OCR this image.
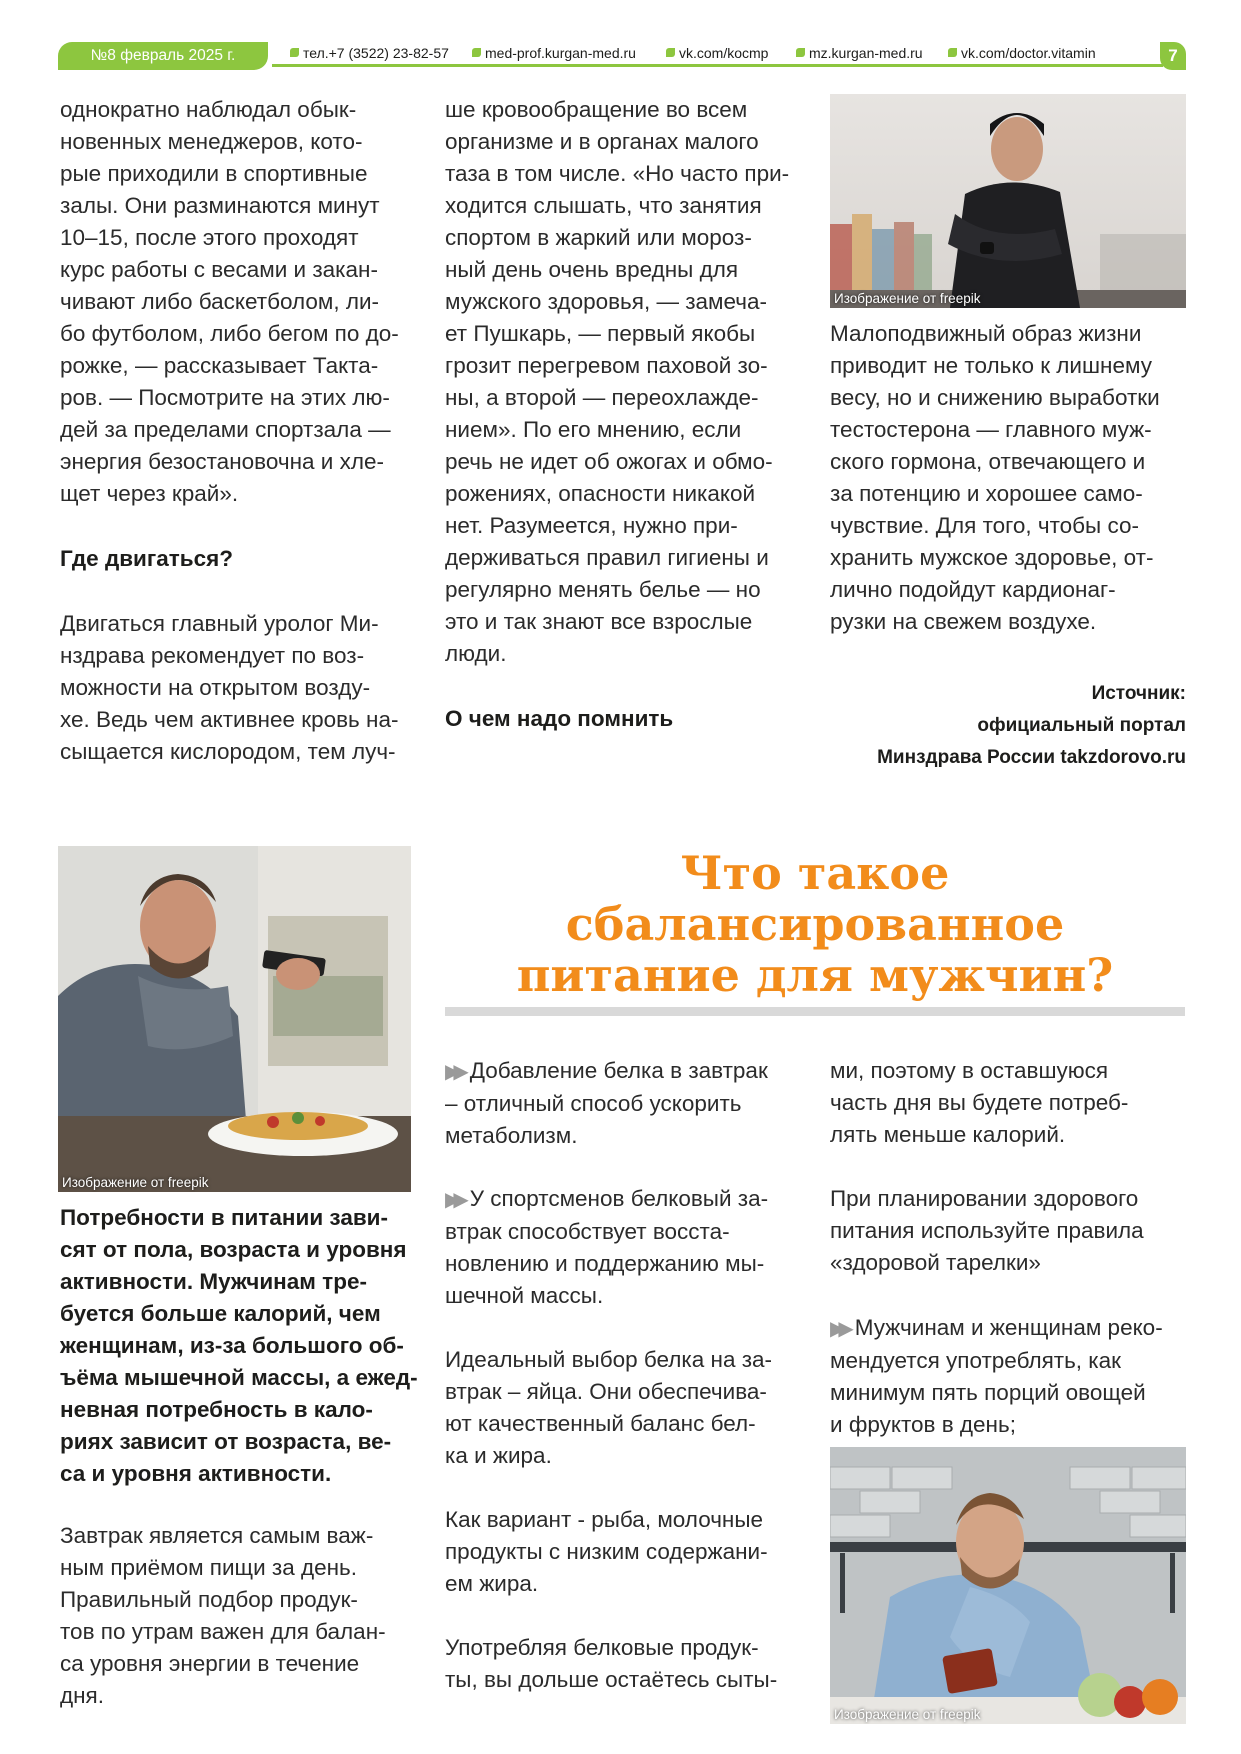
№8 февраль 2025 г.	тел.+7 (3522) 23-82-57	med-prof.kurgan-med.ru	vk.com/kocmp	mz.kurgan-med.ru	vk.com/doctor.vitamin	7

однократно наблюдал обык-

новенных менеджеров, кото-

рые приходили в спортивные

залы. Они разминаются минут

10–15, после этого проходят

курс работы с весами и закан-

чивают либо баскетболом, ли-

бо футболом, либо бегом по до-

рожке, — рассказывает Такта-

ров. — Посмотрите на этих лю-

дей за пределами спортзала —

энергия безостановочна и хле-

щет через край».

Где двигаться?

Двигаться главный уролог Ми-

нздрава рекомендует по воз-

можности на открытом возду-

хе. Ведь чем активнее кровь на-

сыщается кислородом, тем луч-

ше кровообращение во всем

организме и в органах малого

таза в том числе. «Но часто при-

ходится слышать, что занятия

спортом в жаркий или мороз-

ный день очень вредны для

мужского здоровья, — замеча-

ет Пушкарь, — первый якобы

грозит перегревом паховой зо-

ны, а второй — переохлажде-

нием». По его мнению, если

речь не идет об ожогах и обмо-

рожениях, опасности никакой

нет. Разумеется, нужно при-

держиваться правил гигиены и

регулярно менять белье — но

это и так знают все взрослые

люди.

О чем надо помнить
Изображение от freepik

Малоподвижный образ жизни

приводит не только к лишнему

весу, но и снижению выработки

тестостерона — главного муж-

ского гормона, отвечающего и

за потенцию и хорошее само-

чувствие. Для того, чтобы со-

хранить мужское здоровье, от-

лично подойдут кардионаг-

рузки на свежем воздухе.

Источник:

официальный портал

Минздрава России takzdorovo.ru

Изображение от freepik
Что такое
сбалансированное
питание для мужчин?

Потребности в питании зави-

сят от пола, возраста и уровня

активности. Мужчинам тре-

буется больше калорий, чем

женщинам, из-за большого об-

ъёма мышечной массы, а ежед-

невная потребность в кало-

риях зависит от возраста, ве-

са и уровня активности.

Завтрак является самым важ-

ным приёмом пищи за день.

Правильный подбор продук-

тов по утрам важен для балан-

са уровня энергии в течение

дня.

▶▶ Добавление белка в завтрак

– отличный способ ускорить

метаболизм.

▶▶ У спортсменов белковый за-

втрак способствует восста-

новлению и поддержанию мы-

шечной массы.

Идеальный выбор белка на за-

втрак – яйца. Они обеспечива-

ют качественный баланс бел-

ка и жира.

Как вариант - рыба, молочные

продукты с низким содержани-

ем жира.

Употребляя белковые продук-

ты, вы дольше остаётесь сыты-

ми, поэтому в оставшуюся

часть дня вы будете потреб-

лять меньше калорий.

При планировании здорового

питания используйте правила

«здоровой тарелки»

▶▶ Мужчинам и женщинам реко-

мендуется употреблять, как

минимум пять порций овощей

и фруктов в день;

Изображение от freepik
